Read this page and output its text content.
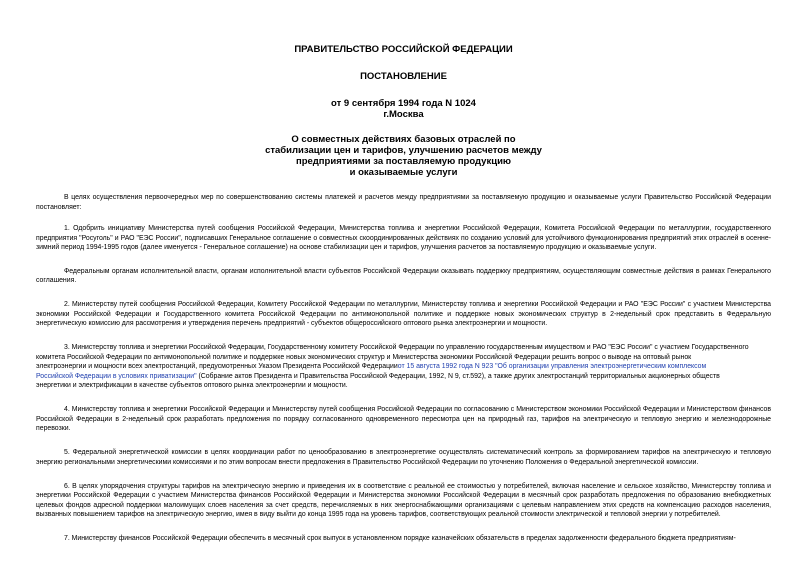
ПРАВИТЕЛЬСТВО РОССИЙСКОЙ ФЕДЕРАЦИИ
ПОСТАНОВЛЕНИЕ
от 9 сентября 1994 года N 1024
г.Москва
О совместных действиях базовых отраслей по
стабилизации цен и тарифов, улучшению расчетов между
предприятиями за поставляемую продукцию
и оказываемые услуги

В целях осуществления первоочередных мер по совершенствованию системы платежей и расчетов между предприятиями за поставляемую продукцию и оказываемые услуги Правительство Российской Федерации постановляет:

1. Одобрить инициативу Министерства путей сообщения Российской Федерации, Министерства топлива и энергетики Российской Федерации, Комитета Российской Федерации по металлургии, государственного предприятия "Росуголь" и РАО "ЕЭС России", подписавших Генеральное соглашение о совместных скоординированных действиях по созданию условий для устойчивого функционирования предприятий этих отраслей в осенне-зимний период 1994-1995 годов (далее именуется - Генеральное соглашение) на основе стабилизации цен и тарифов, улучшения расчетов за поставляемую продукцию и оказываемые услуги.

Федеральным органам исполнительной власти, органам исполнительной власти субъектов Российской Федерации оказывать поддержку предприятиям, осуществляющим совместные действия в рамках Генерального соглашения.

2. Министерству путей сообщения Российской Федерации, Комитету Российской Федерации по металлургии, Министерству топлива и энергетики Российской Федерации и РАО "ЕЭС России" с участием Министерства экономики Российской Федерации и Государственного комитета Российской Федерации по антимонопольной политике и поддержке новых экономических структур в 2-недельный срок представить в Федеральную энергетическую комиссию для рассмотрения и утверждения перечень предприятий - субъектов общероссийского оптового рынка электроэнергии и мощности.

3. Министерству топлива и энергетики Российской Федерации, Государственному комитету Российской Федерации по управлению государственным имуществом и РАО "ЕЭС России" с участием Государственного
комитета Российской Федерации по антимонопольной политике и поддержке новых экономических структур и Министерства экономики Российской Федерации решить вопрос о выводе на оптовый рынок
электроэнергии и мощности всех электростанций, предусмотренных Указом Президента Российской Федерацииот 15 августа 1992 года N 923 "Об организации управления электроэнергетическим комплексом
Российской Федерации в условиях приватизации" (Собрание актов Президента и Правительства Российской Федерации, 1992, N 9, ст.592), а также других электростанций территориальных акционерных обществ
энергетики и электрификации в качестве субъектов оптового рынка электроэнергии и мощности.

4. Министерству топлива и энергетики Российской Федерации и Министерству путей сообщения Российской Федерации по согласованию с Министерством экономики Российской Федерации и Министерством финансов Российской Федерации в 2-недельный срок разработать предложения по порядку согласованного одновременного пересмотра цен на природный газ, тарифов на электрическую и тепловую энергию и железнодорожные перевозки.

5. Федеральной энергетической комиссии в целях координации работ по ценообразованию в электроэнергетике осуществлять систематический контроль за формированием тарифов на электрическую и тепловую энергию региональными энергетическими комиссиями и по этим вопросам внести предложения в Правительство Российской Федерации по уточнению Положения о Федеральной энергетической комиссии.

6. В целях упорядочения структуры тарифов на электрическую энергию и приведения их в соответствие с реальной ее стоимостью у потребителей, включая население и сельское хозяйство, Министерству топлива и энергетики Российской Федерации с участием Министерства финансов Российской Федерации и Министерства экономики Российской Федерации в месячный срок разработать предложения по образованию внебюджетных целевых фондов адресной поддержки малоимущих слоев населения за счет средств, перечисляемых в них энергоснабжающими организациями с целевым направлением этих средств на компенсацию расходов населения, вызванных повышением тарифов на электрическую энергию, имея в виду выйти до конца 1995 года на уровень тарифов, соответствующих реальной стоимости электрической и тепловой энергии у потребителей.

7. Министерству финансов Российской Федерации обеспечить в месячный срок выпуск в установленном порядке казначейских обязательств в пределах задолженности федерального бюджета предприятиям-
